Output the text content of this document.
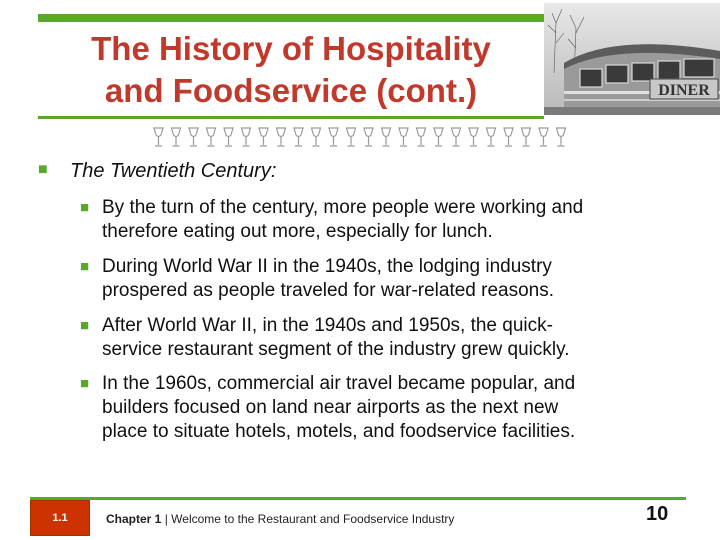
The History of Hospitality
and Foodservice (cont.)	DINER
■ The Twentieth Century:
■ By the turn of the century, more people were working and
therefore eating out more, especially for lunch.
■ During World War II in the 1940s, the lodging industry
prospered as people traveled for war-related reasons.
■ After World War II, in the 1940s and 1950s, the quick-
service restaurant segment of the industry grew quickly.
■ In the 1960s, commercial air travel became popular, and
builders focused on land near airports as the next new
place to situate hotels, motels, and foodservice facilities.
1.1	Chapter 1 | Welcome to the Restaurant and Foodservice Industry	10
